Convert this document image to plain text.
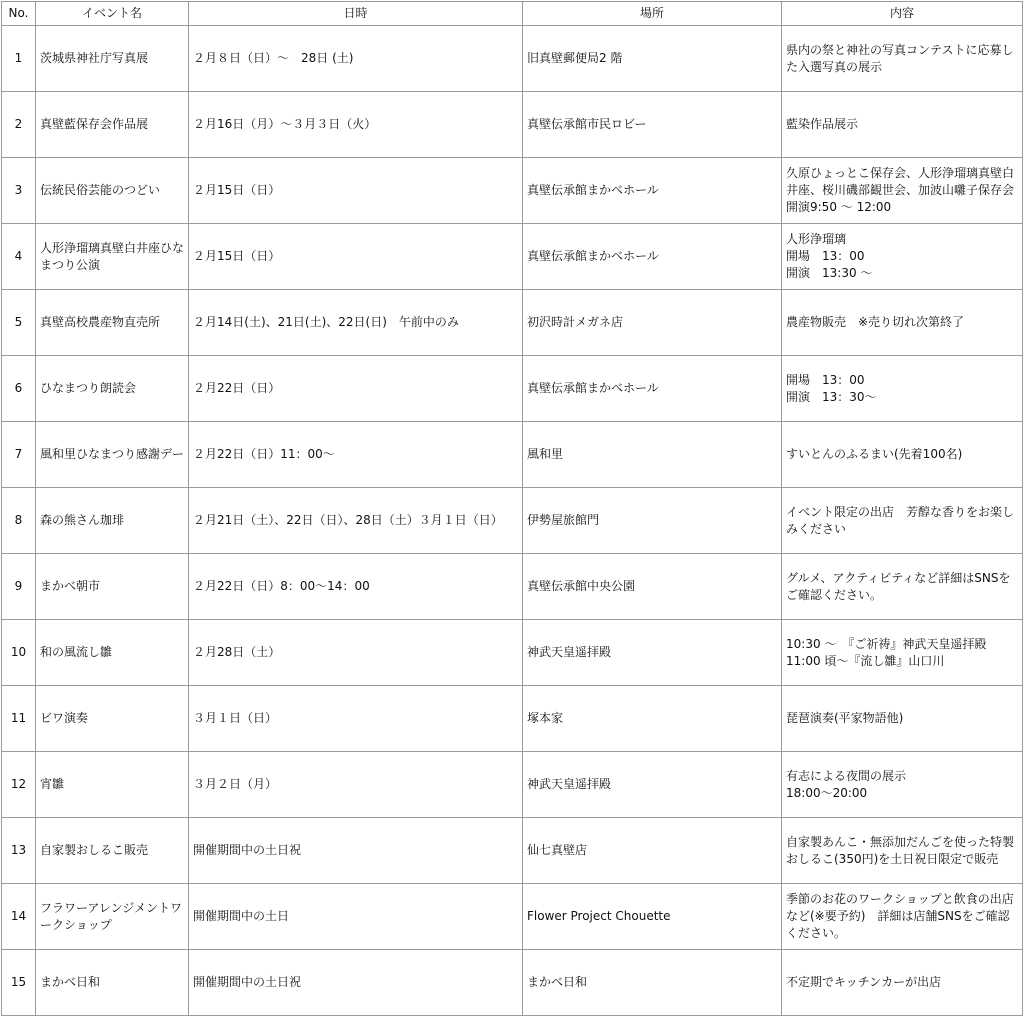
No.	イベント名	日時	場所	内容
1	茨城県神社庁写真展	２月８日（日）～　28日 (土)	旧真壁郵便局2 階	県内の祭と神社の写真コンテストに応募した入選写真の展示
2	真壁藍保存会作品展	２月16日（月）～３月３日（火）	真壁伝承館市民ロビー	藍染作品展示
3	伝統民俗芸能のつどい	２月15日（日）	真壁伝承館まかべホール	久原ひょっとこ保存会、人形浄瑠璃真壁白井座、桜川磯部観世会、加波山囃子保存会開演9:50 ～ 12:00
4	人形浄瑠璃真壁白井座ひなまつり公演	２月15日（日）	真壁伝承館まかべホール	人形浄瑠璃
開場　13：00
開演　13:30 ～
5	真壁高校農産物直売所	２月14日(土)、21日(土)、22日(日)　午前中のみ	初沢時計メガネ店	農産物販売　※売り切れ次第終了
6	ひなまつり朗読会	２月22日（日）	真壁伝承館まかべホール	開場　13：00
開演　13：30～
7	風和里ひなまつり感謝デー	２月22日（日）11：00～	風和里	すいとんのふるまい(先着100名)
8	森の熊さん珈琲	２月21日（土）、22日（日）、28日（土）３月１日（日）	伊勢屋旅館門	イベント限定の出店　芳醇な香りをお楽しみください
9	まかべ朝市	２月22日（日）8：00～14：00	真壁伝承館中央公園	グルメ、アクティビティなど詳細はSNSをご確認ください。
10	和の風流し雛	２月28日（土）	神武天皇遥拝殿	10:30 ～　『ご祈祷』神武天皇遥拝殿
11:00 頃～『流し雛』山口川
11	ビワ演奏	３月１日（日）	塚本家	琵琶演奏(平家物語他)
12	宵雛	３月２日（月）	神武天皇遥拝殿	有志による夜間の展示
18:00～20:00
13	自家製おしるこ販売	開催期間中の土日祝	仙七真壁店	自家製あんこ・無添加だんごを使った特製おしるこ(350円)を土日祝日限定で販売
14	フラワーアレンジメントワークショップ	開催期間中の土日	Flower Project Chouette	季節のお花のワークショップと飲食の出店など(※要予約)　詳細は店舗SNSをご確認ください。
15	まかべ日和	開催期間中の土日祝	まかべ日和	不定期でキッチンカーが出店
